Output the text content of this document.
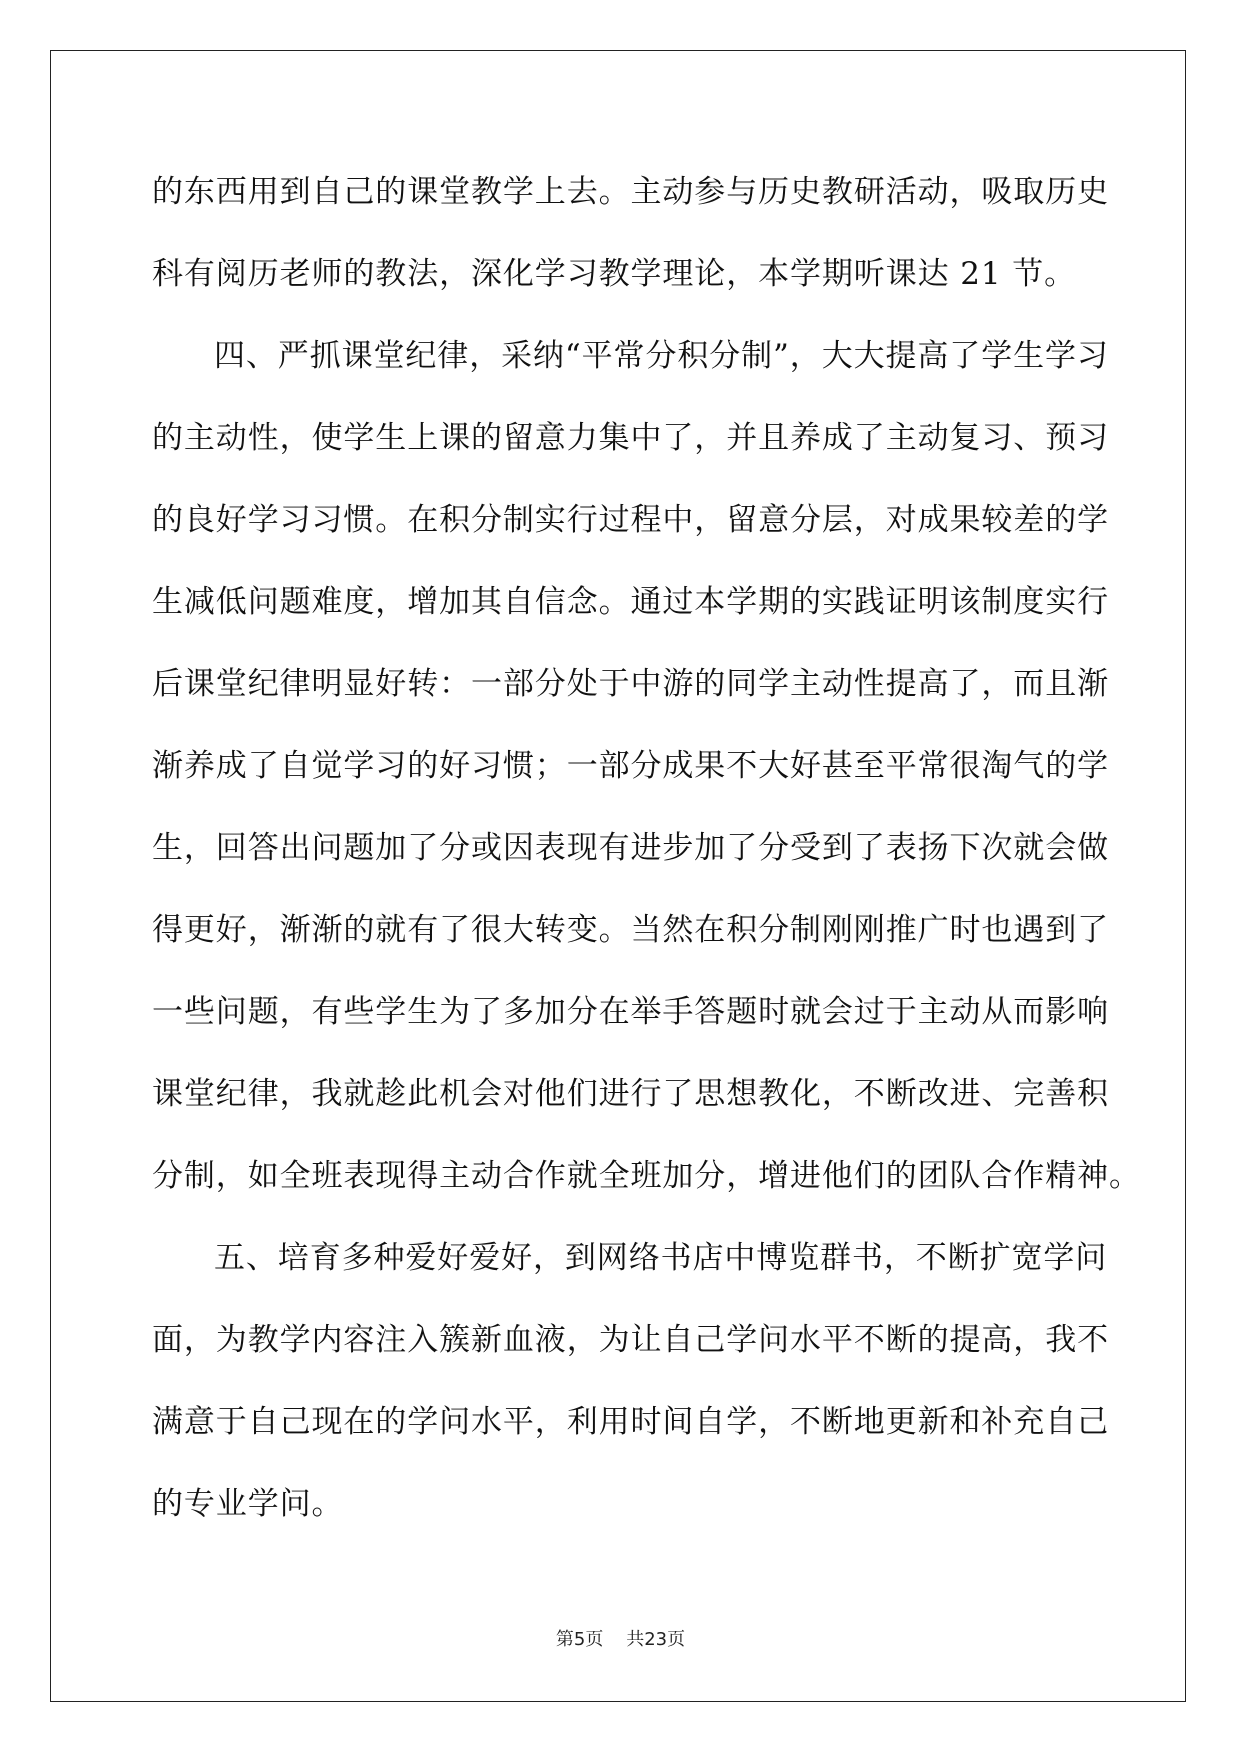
的东西用到自己的课堂教学上去。主动参与历史教研活动，吸取历史
科有阅历老师的教法，深化学习教学理论，本学期听课达 21 节。
四、严抓课堂纪律，采纳“平常分积分制”，大大提高了学生学习
的主动性，使学生上课的留意力集中了，并且养成了主动复习、预习
的良好学习习惯。在积分制实行过程中，留意分层，对成果较差的学
生减低问题难度，增加其自信念。通过本学期的实践证明该制度实行
后课堂纪律明显好转：一部分处于中游的同学主动性提高了，而且渐
渐养成了自觉学习的好习惯；一部分成果不大好甚至平常很淘气的学
生，回答出问题加了分或因表现有进步加了分受到了表扬下次就会做
得更好，渐渐的就有了很大转变。当然在积分制刚刚推广时也遇到了
一些问题，有些学生为了多加分在举手答题时就会过于主动从而影响
课堂纪律，我就趁此机会对他们进行了思想教化，不断改进、完善积
分制，如全班表现得主动合作就全班加分，增进他们的团队合作精神。
五、培育多种爱好爱好，到网络书店中博览群书，不断扩宽学问
面，为教学内容注入簇新血液，为让自己学问水平不断的提高，我不
满意于自己现在的学问水平，利用时间自学，不断地更新和补充自己
的专业学问。
第5页 共23页
